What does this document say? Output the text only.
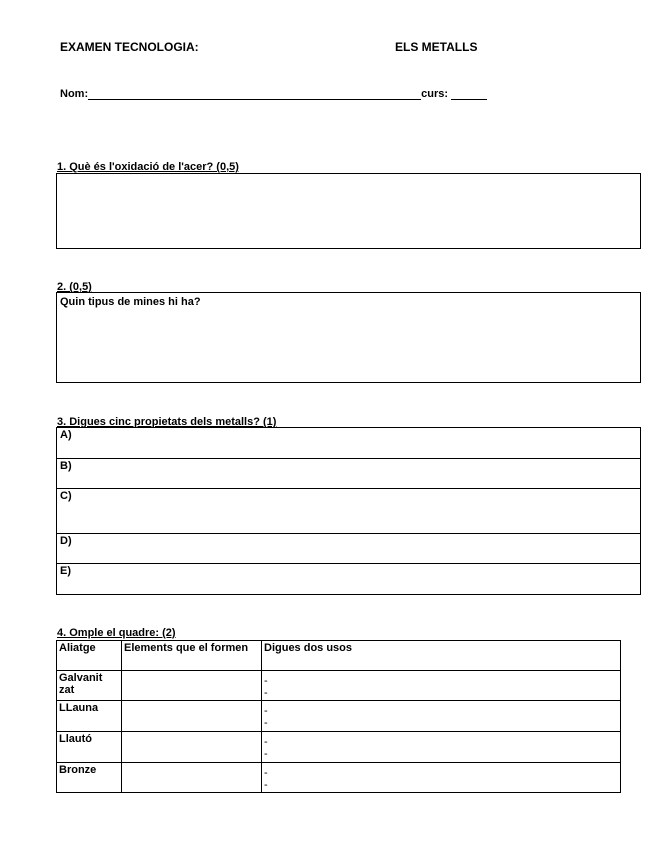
EXAMEN TECNOLOGIA:	ELS METALLS
Nom:	curs:
1. Què és l'oxidació de l'acer? (0,5)
2. (0,5)
Quin tipus de mines hi ha?
3. Digues cinc propietats dels metalls? (1)
A)
B)
C)
D)
E)
4. Omple el quadre: (2)
Aliatge	Elements que el formen	Digues dos usos
Galvanit zat		-
-

LLauna		-
-

Llautó		-
-

Bronze		-
-
